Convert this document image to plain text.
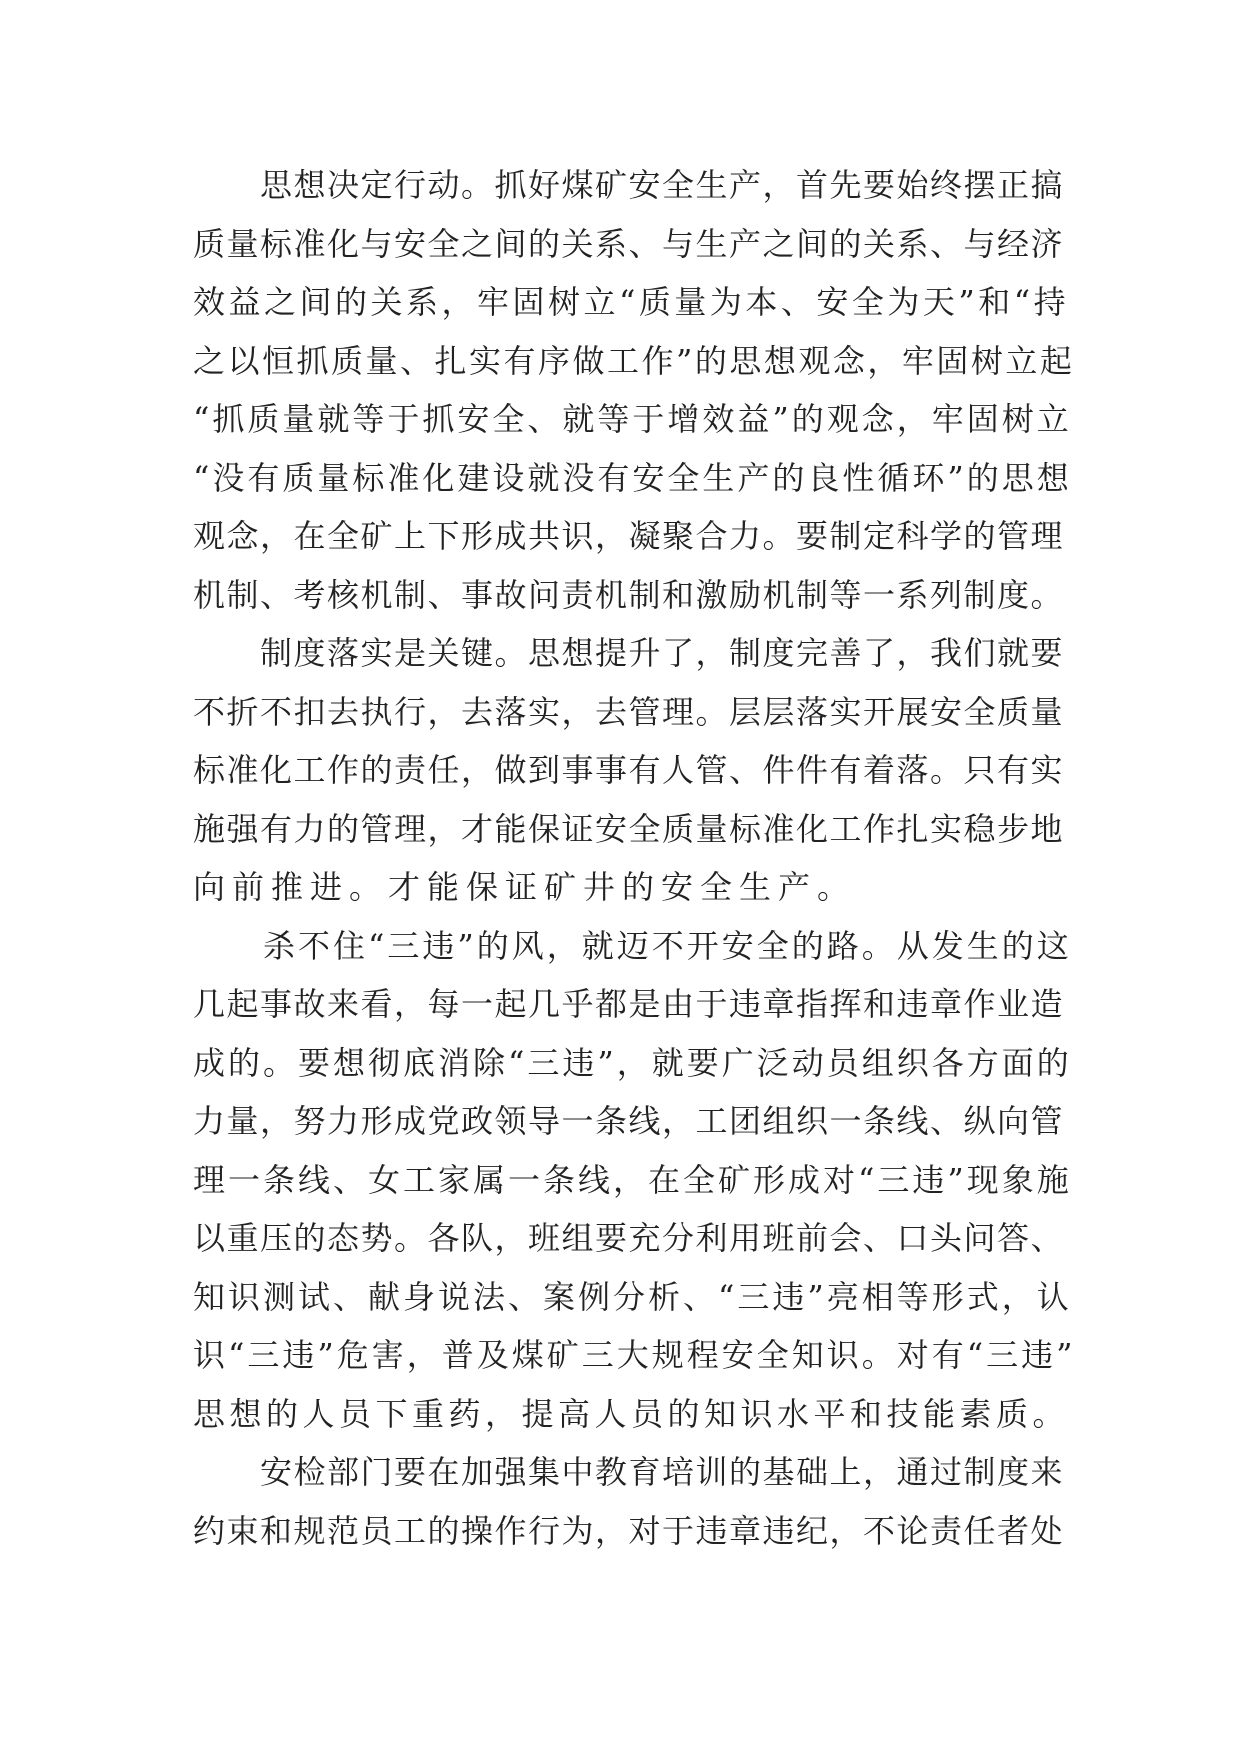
　　思想决定行动。抓好煤矿安全生产，首先要始终摆正搞
质量标准化与安全之间的关系、与生产之间的关系、与经济
效益之间的关系，牢固树立“质量为本、安全为天”和“持
之以恒抓质量、扎实有序做工作”的思想观念，牢固树立起
“抓质量就等于抓安全、就等于增效益”的观念，牢固树立
“没有质量标准化建设就没有安全生产的良性循环”的思想
观念，在全矿上下形成共识，凝聚合力。要制定科学的管理
机制、考核机制、事故问责机制和激励机制等一系列制度。
　　制度落实是关键。思想提升了，制度完善了，我们就要
不折不扣去执行，去落实，去管理。层层落实开展安全质量
标准化工作的责任，做到事事有人管、件件有着落。只有实
施强有力的管理，才能保证安全质量标准化工作扎实稳步地
向前推进。才能保证矿井的安全生产。
　　杀不住“三违”的风，就迈不开安全的路。从发生的这
几起事故来看，每一起几乎都是由于违章指挥和违章作业造
成的。要想彻底消除“三违”，就要广泛动员组织各方面的
力量，努力形成党政领导一条线，工团组织一条线、纵向管
理一条线、女工家属一条线，在全矿形成对“三违”现象施
以重压的态势。各队，班组要充分利用班前会、口头问答、
知识测试、献身说法、案例分析、“三违”亮相等形式，认
识“三违”危害，普及煤矿三大规程安全知识。对有“三违”
思想的人员下重药，提高人员的知识水平和技能素质。
　　安检部门要在加强集中教育培训的基础上，通过制度来
约束和规范员工的操作行为，对于违章违纪，不论责任者处
